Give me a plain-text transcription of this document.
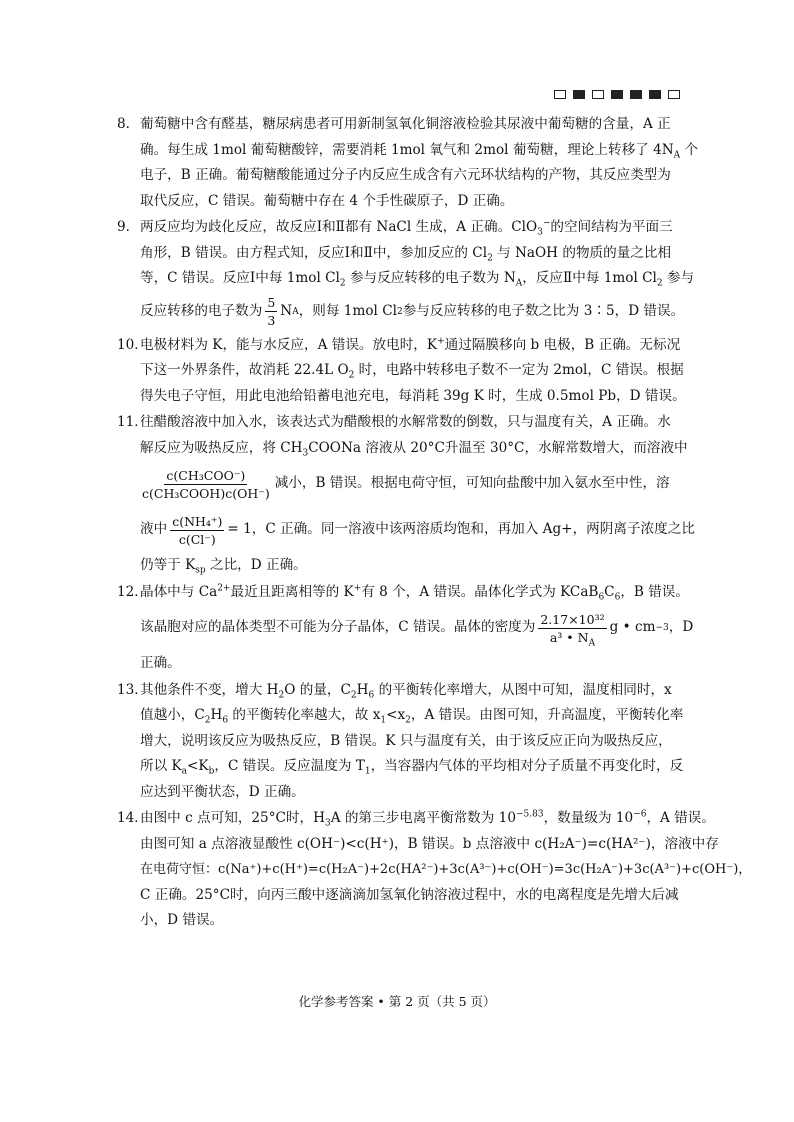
8． 葡萄糖中含有醛基，糖尿病患者可用新制氢氧化铜溶液检验其尿液中葡萄糖的含量，A 正
确。每生成 1mol 葡萄糖酸锌，需要消耗 1mol 氧气和 2mol 葡萄糖，理论上转移了 $4N_A$ 个
电子，B 正确。葡萄糖酸能通过分子内反应生成含有六元环状结构的产物，其反应类型为
取代反应，C 错误。葡萄糖中存在 4 个手性碳原子，D 正确。
9． 两反应均为歧化反应，故反应Ⅰ和Ⅱ都有 NaCl 生成，A 正确。ClO$_3$−的空间结构为平面三
角形，B 错误。由方程式知，反应Ⅰ和Ⅱ中，参加反应的 $Cl_2$ 与 NaOH 的物质的量之比相
等，C 错误。反应Ⅰ中每 1mol $Cl_2$ 参与反应转移的电子数为 $N_A$，反应Ⅱ中每 1mol $Cl_2$ 参与
反应转移的电子数为 $\frac{5}{3}$ N A ，则每 1mol Cl 2 参与反应转移的电子数之比为 3∶5，D 错误。
10．
电极材料为 K，能与水反应，A 错误。放电时，K+通过隔膜移向 b 电极，B 正确。无标况
下这一外界条件，故消耗 22.4L $O_2$ 时，电路中转移电子数不一定为 2mol，C 错误。根据
得失电子守恒，用此电池给铅蓄电池充电，每消耗 39g K 时，生成 0.5mol Pb，D 错误。
11．
往醋酸溶液中加入水，该表达式为醋酸根的水解常数的倒数，只与温度有关，A 正确。水
解反应为吸热反应，将 $CH_3COONa$ 溶液从 20°C升温至 30°C，水解常数增大，而溶液中
$\frac{\text{c(CH₃COO⁻)}}{\text{c(CH₃COOH)c(OH⁻)}}$ 减小，B 错误。根据电荷守恒，可知向盐酸中加入氨水至中性，溶
液中 $\frac{\text{c(NH₄⁺)}}{c(Cl^-)} = 1$，C 正确。同一溶液中该两溶质均饱和，再加入 Ag+，两阴离子浓度之比
仍等于 $K_{sp}$ 之比，D 正确。
12．
晶体中与 $Ca^{2+}$最近且距离相等的 K+有 8 个，A 错误。晶体化学式为 $KCaB_6C_6$，B 错误。
该晶胞对应的晶体类型不可能为分子晶体，C 错误。晶体的密度为 $\frac{\text{2.17×10³²}}{a^3 • N_A}$ g • cm −3 ，D
正确。
13．
其他条件不变，增大 $H_2O$ 的量，$C_2H_6$ 的平衡转化率增大，从图中可知，温度相同时，x
值越小，$C_2H_6$ 的平衡转化率越大，故 $x_1<x_2$，A 错误。由图可知，升高温度，平衡转化率
增大，说明该反应为吸热反应，B 错误。K 只与温度有关，由于该反应正向为吸热反应，
所以 $K_a<K_b$，C 错误。反应温度为 $T_1$，当容器内气体的平均相对分子质量不再变化时，反
应达到平衡状态，D 正确。
14．
由图中 c 点可知，25°C时，$H_3A$ 的第三步电离平衡常数为 $10^{-5.83}$，数量级为 $10^{-6}$，A 错误。
由图可知 a 点溶液显酸性 c(OH⁻)<c(H⁺)，B 错误。b 点溶液中 c(H₂A⁻)=c(HA²⁻)，溶液中存
在电荷守恒：c(Na⁺)+c(H⁺)=c(H₂A⁻)+2c(HA²⁻)+3c(A³⁻)+c(OH⁻)=3c(H₂A⁻)+3c(A³⁻)+c(OH⁻)，
C 正确。25°C时，向丙三酸中逐滴滴加氢氧化钠溶液过程中，水的电离程度是先增大后减
小，D 错误。
化学参考答案 • 第 2 页（共 5 页）
